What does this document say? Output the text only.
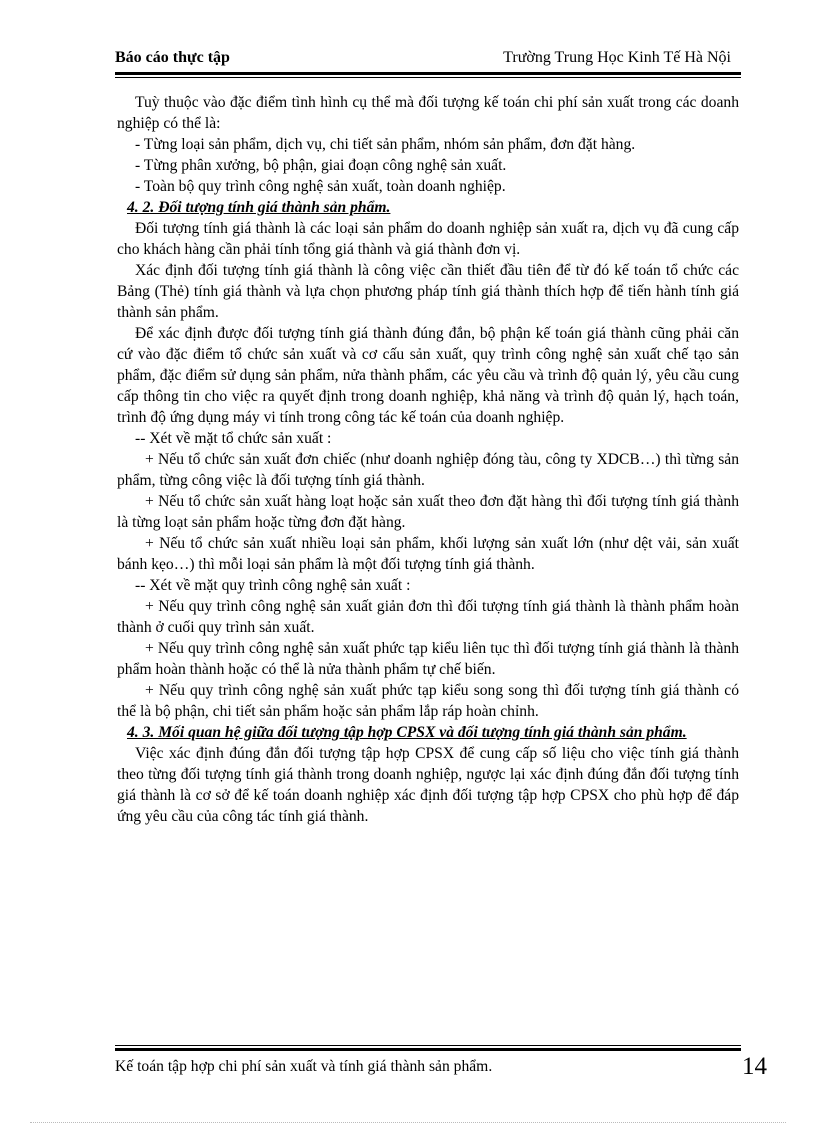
Báo cáo thực tập	Trường Trung Học Kinh Tế Hà Nội

Tuỳ thuộc vào đặc điểm tình hình cụ thể mà đối tượng kế toán chi phí sản xuất trong các doanh nghiệp có thể là:

- Từng loại sản phẩm, dịch vụ, chi tiết sản phẩm, nhóm sản phẩm, đơn đặt hàng.

- Từng phân xưởng, bộ phận, giai đoạn công nghệ sản xuất.

- Toàn bộ quy trình công nghệ sản xuất, toàn doanh nghiệp.

4. 2. Đối tượng tính giá thành sản phẩm.

Đối tượng tính giá thành là các loại sản phẩm do doanh nghiệp sản xuất ra, dịch vụ đã cung cấp cho khách hàng cần phải tính tổng giá thành và giá thành đơn vị.

Xác định đối tượng tính giá thành là công việc cần thiết đầu tiên để từ đó kế toán tổ chức các Bảng (Thẻ) tính giá thành và lựa chọn phương pháp tính giá thành thích hợp để tiến hành tính giá thành sản phẩm.

Để xác định được đối tượng tính giá thành đúng đắn, bộ phận kế toán giá thành cũng phải căn cứ vào đặc điểm tổ chức sản xuất và cơ cấu sản xuất, quy trình công nghệ sản xuất chế tạo sản phẩm, đặc điểm sử dụng sản phẩm, nửa thành phẩm, các yêu cầu và trình độ quản lý, yêu cầu cung cấp thông tin cho việc ra quyết định trong doanh nghiệp, khả năng và trình độ quản lý, hạch toán, trình độ ứng dụng máy vi tính trong công tác kế toán của doanh nghiệp.

-- Xét về mặt tổ chức sản xuất :

+ Nếu tổ chức sản xuất đơn chiếc (như doanh nghiệp đóng tàu, công ty XDCB…) thì từng sản phẩm, từng công việc là đối tượng tính giá thành.

+ Nếu tổ chức sản xuất hàng loạt hoặc sản xuất theo đơn đặt hàng thì đối tượng tính giá thành là từng loạt sản phẩm hoặc từng đơn đặt hàng.

+ Nếu tổ chức sản xuất nhiều loại sản phẩm, khối lượng sản xuất lớn (như dệt vải, sản xuất bánh kẹo…) thì mỗi loại sản phẩm là một đối tượng tính giá thành.

-- Xét về mặt quy trình công nghệ sản xuất :

+ Nếu quy trình công nghệ sản xuất giản đơn thì đối tượng tính giá thành là thành phẩm hoàn thành ở cuối quy trình sản xuất.

+ Nếu quy trình công nghệ sản xuất phức tạp kiểu liên tục thì đối tượng tính giá thành là thành phẩm hoàn thành hoặc có thể là nửa thành phẩm tự chế biến.

+ Nếu quy trình công nghệ sản xuất phức tạp kiểu song song thì đối tượng tính giá thành có thể là bộ phận, chi tiết sản phẩm hoặc sản phẩm lắp ráp hoàn chỉnh.

4. 3. Mối quan hệ giữa đối tượng tập hợp CPSX và đối tượng tính giá thành sản phẩm.

Việc xác định đúng đắn đối tượng tập hợp CPSX để cung cấp số liệu cho việc tính giá thành theo từng đối tượng tính giá thành trong doanh nghiệp, ngược lại xác định đúng đắn đối tượng tính giá thành là cơ sở để kế toán doanh nghiệp xác định đối tượng tập hợp CPSX cho phù hợp để đáp ứng yêu cầu của công tác tính giá thành.

Kế toán tập hợp chi phí sản xuất và tính giá thành sản phẩm.	14
